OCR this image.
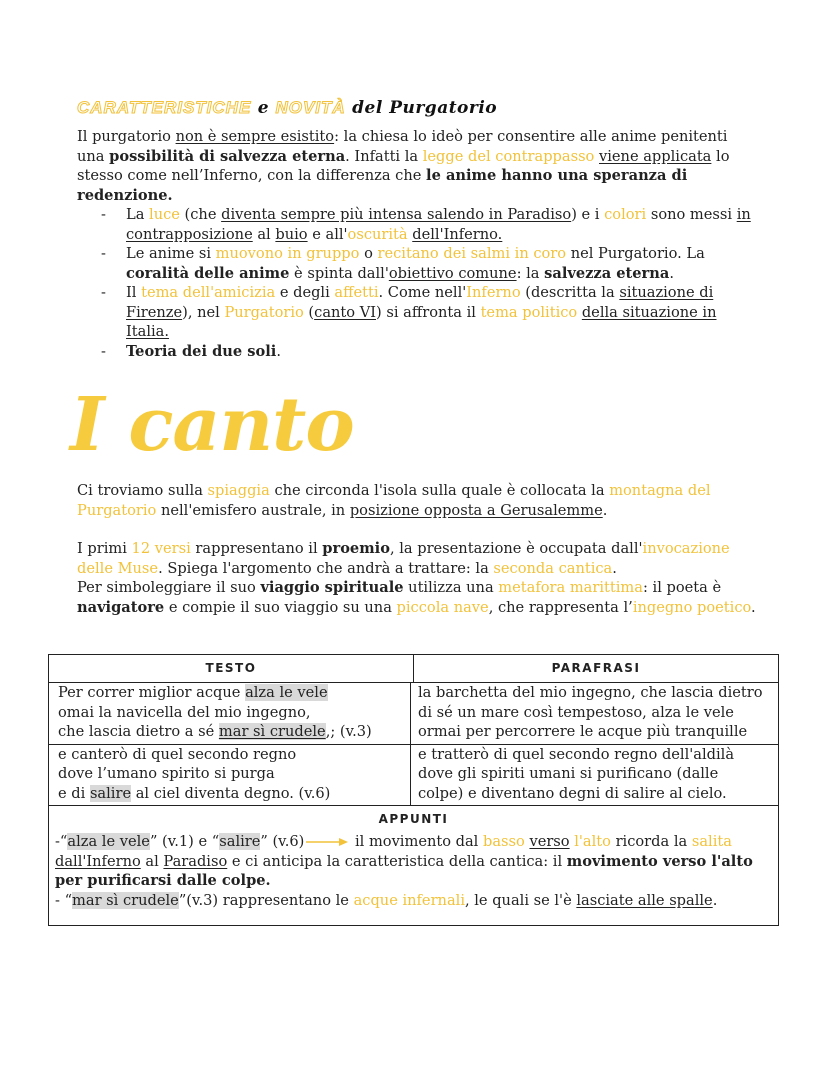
CARATTERISTICHE e NOVITÀ del Purgatorio
Il purgatorio non è sempre esistito: la chiesa lo ideò per consentire alle anime penitenti una possibilità di salvezza eterna. Infatti la legge del contrappasso viene applicata lo stesso come nell’Inferno, con la differenza che le anime hanno una speranza di redenzione.
- La luce (che diventa sempre più intensa salendo in Paradiso) e i colori sono messi in contrapposizione al buio e all'oscurità dell'Inferno.
- Le anime si muovono in gruppo o recitano dei salmi in coro nel Purgatorio. La coralità delle anime è spinta dall'obiettivo comune: la salvezza eterna.
- Il tema dell'amicizia e degli affetti. Come nell'Inferno (descritta la situazione di Firenze), nel Purgatorio (canto VI) si affronta il tema politico della situazione in Italia.
- Teoria dei due soli.
I canto
Ci troviamo sulla spiaggia che circonda l'isola sulla quale è collocata la montagna del Purgatorio nell'emisfero australe, in posizione opposta a Gerusalemme.
I primi 12 versi rappresentano il proemio, la presentazione è occupata dall'invocazione delle Muse. Spiega l'argomento che andrà a trattare: la seconda cantica.
Per simboleggiare il suo viaggio spirituale utilizza una metafora marittima: il poeta è navigatore e compie il suo viaggio su una piccola nave, che rappresenta l’ingegno poetico.
TESTO	PARAFRASI
Per correr miglior acque alza le vele
omai la navicella del mio ingegno,
che lascia dietro a sé mar sì crudele,; (v.3)
la barchetta del mio ingegno, che lascia dietro
di sé un mare così tempestoso, alza le vele
ormai per percorrere le acque più tranquille
e canterò di quel secondo regno
dove l’umano spirito si purga
e di salire al ciel diventa degno. (v.6)
e tratterò di quel secondo regno dell'aldilà
dove gli spiriti umani si purificano (dalle
colpe) e diventano degni di salire al cielo.
APPUNTI
-“alza le vele” (v.1) e “salire” (v.6)	il movimento dal basso verso l'alto ricorda la salita dall'Inferno al Paradiso e ci anticipa la caratteristica della cantica: il movimento verso l'alto per purificarsi dalle colpe.
- “mar sì crudele”(v.3) rappresentano le acque infernali, le quali se l'è lasciate alle spalle.
